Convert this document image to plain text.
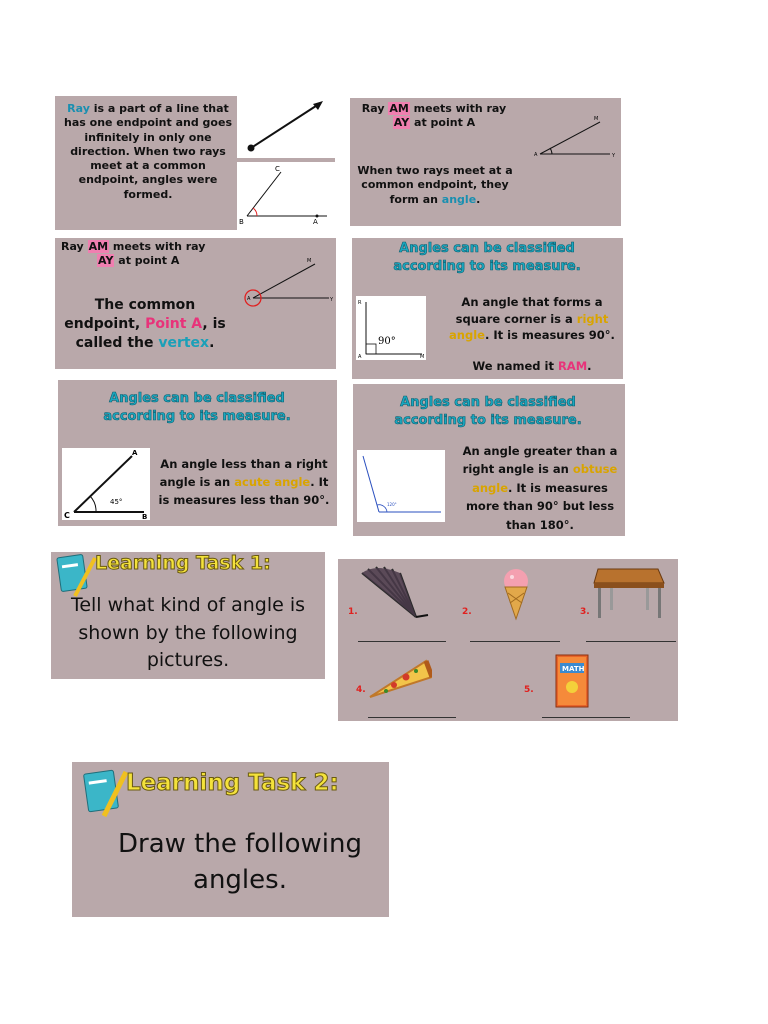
Ray is a part of a line that has one endpoint and goes infinitely in only one direction. When two rays meet at a common endpoint, angles were formed.
C
B	A
Ray AM meets with ray
AY at point A
When two rays meet at a common endpoint, they form an angle.
M
A	Y
Ray AM meets with ray
AY at point A
The common endpoint, Point A, is called the vertex.
M
A	Y
Angles can be classified according to its measure.
90°
R
A	M
An angle that forms a square corner is a right angle. It is measures 90°.
We named it RAM.
Angles can be classified according to its measure.
45°
A
B
C
An angle less than a right angle is an acute angle. It is measures less than 90°.
Angles can be classified according to its measure.
120°
An angle greater than a right angle is an obtuse angle. It is measures more than 90° but less than 180°.
Learning Task 1:
Tell what kind of angle is shown by the following pictures.
1.	2.	3.
4.	5.
MATH
Learning Task 2:
Draw the following angles.
